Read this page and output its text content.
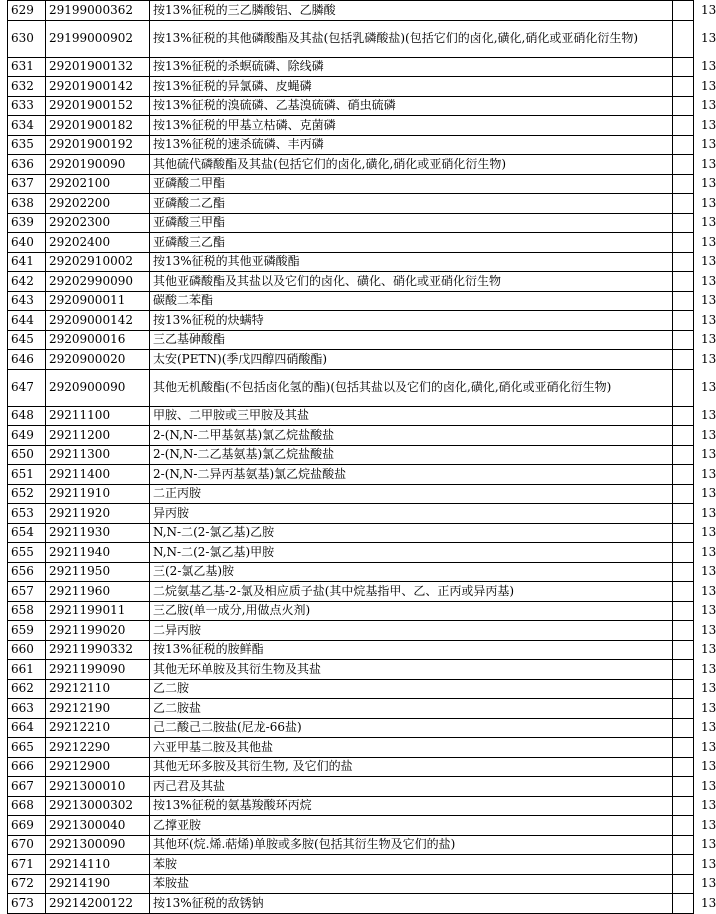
629	29199000362	按13%征税的三乙膦酸铝、乙膦酸	13
630	29199000902	按13%征税的其他磷酸酯及其盐(包括乳磷酸盐)(包括它们的卤化,磺化,硝化或亚硝化衍生物)	13
631	29201900132	按13%征税的杀螟硫磷、除线磷	13
632	29201900142	按13%征税的异氯磷、皮蝇磷	13
633	29201900152	按13%征税的溴硫磷、乙基溴硫磷、硝虫硫磷	13
634	29201900182	按13%征税的甲基立枯磷、克菌磷	13
635	29201900192	按13%征税的速杀硫磷、丰丙磷	13
636	2920190090	其他硫代磷酸酯及其盐(包括它们的卤化,磺化,硝化或亚硝化衍生物)	13
637	29202100	亚磷酸二甲酯	13
638	29202200	亚磷酸二乙酯	13
639	29202300	亚磷酸三甲酯	13
640	29202400	亚磷酸三乙酯	13
641	29202910002	按13%征税的其他亚磷酸酯	13
642	29202990090	其他亚磷酸酯及其盐以及它们的卤化、磺化、硝化或亚硝化衍生物	13
643	2920900011	碳酸二苯酯	13
644	29209000142	按13%征税的炔螨特	13
645	2920900016	三乙基砷酸酯	13
646	2920900020	太安(PETN)(季戊四醇四硝酸酯)	13
647	2920900090	其他无机酸酯(不包括卤化氢的酯)(包括其盐以及它们的卤化,磺化,硝化或亚硝化衍生物)	13
648	29211100	甲胺、二甲胺或三甲胺及其盐	13
649	29211200	2-(N,N-二甲基氨基)氯乙烷盐酸盐	13
650	29211300	2-(N,N-二乙基氨基)氯乙烷盐酸盐	13
651	29211400	2-(N,N-二异丙基氨基)氯乙烷盐酸盐	13
652	29211910	二正丙胺	13
653	29211920	异丙胺	13
654	29211930	N,N-二(2-氯乙基)乙胺	13
655	29211940	N,N-二(2-氯乙基)甲胺	13
656	29211950	三(2-氯乙基)胺	13
657	29211960	二烷氨基乙基-2-氯及相应质子盐(其中烷基指甲、乙、正丙或异丙基)	13
658	2921199011	三乙胺(单一成分,用做点火剂)	13
659	2921199020	二异丙胺	13
660	29211990332	按13%征税的胺鲜酯	13
661	2921199090	其他无环单胺及其衍生物及其盐	13
662	29212110	乙二胺	13
663	29212190	乙二胺盐	13
664	29212210	己二酸己二胺盐(尼龙-66盐)	13
665	29212290	六亚甲基二胺及其他盐	13
666	29212900	其他无环多胺及其衍生物, 及它们的盐	13
667	2921300010	丙己君及其盐	13
668	29213000302	按13%征税的氨基羧酸环丙烷	13
669	2921300040	乙撑亚胺	13
670	2921300090	其他环(烷.烯.萜烯)单胺或多胺(包括其衍生物及它们的盐)	13
671	29214110	苯胺	13
672	29214190	苯胺盐	13
673	29214200122	按13%征税的敌锈钠	13
